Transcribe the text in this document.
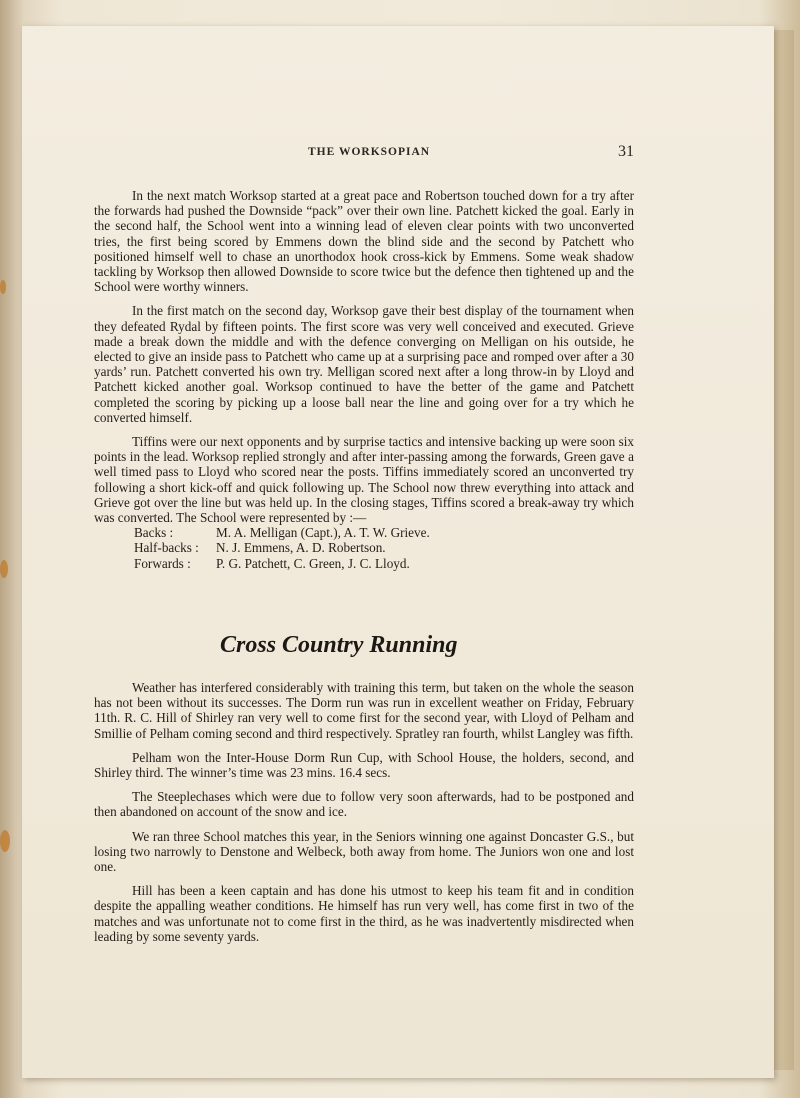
THE WORKSOPIAN	31

In the next match Worksop started at a great pace and Robertson touched down for a try after the forwards had pushed the Downside “pack” over their own line. Patchett kicked the goal. Early in the second half, the School went into a winning lead of eleven clear points with two unconverted tries, the first being scored by Emmens down the blind side and the second by Patchett who positioned himself well to chase an unorthodox hook cross-kick by Emmens. Some weak shadow tackling by Worksop then allowed Downside to score twice but the defence then tightened up and the School were worthy winners.

In the first match on the second day, Worksop gave their best display of the tournament when they defeated Rydal by fifteen points. The first score was very well conceived and executed. Grieve made a break down the middle and with the defence converging on Melligan on his outside, he elected to give an inside pass to Patchett who came up at a surprising pace and romped over after a 30 yards’ run. Patchett converted his own try. Melligan scored next after a long throw-in by Lloyd and Patchett kicked another goal. Worksop continued to have the better of the game and Patchett completed the scoring by picking up a loose ball near the line and going over for a try which he converted himself.

Tiffins were our next opponents and by surprise tactics and intensive backing up were soon six points in the lead. Worksop replied strongly and after inter-passing among the forwards, Green gave a well timed pass to Lloyd who scored near the posts. Tiffins immediately scored an unconverted try following a short kick-off and quick following up. The School now threw everything into attack and Grieve got over the line but was held up. In the closing stages, Tiffins scored a break-away try which was converted. The School were represented by :—

Backs :	M. A. Melligan (Capt.), A. T. W. Grieve.
Half-backs : N. J. Emmens, A. D. Robertson.
Forwards : P. G. Patchett, C. Green, J. C. Lloyd.
Cross Country Running

Weather has interfered considerably with training this term, but taken on the whole the season has not been without its successes. The Dorm run was run in excellent weather on Friday, February 11th. R. C. Hill of Shirley ran very well to come first for the second year, with Lloyd of Pelham and Smillie of Pelham coming second and third respectively. Spratley ran fourth, whilst Langley was fifth.

Pelham won the Inter-House Dorm Run Cup, with School House, the holders, second, and Shirley third. The winner’s time was 23 mins. 16.4 secs.

The Steeplechases which were due to follow very soon afterwards, had to be postponed and then abandoned on account of the snow and ice.

We ran three School matches this year, in the Seniors winning one against Doncaster G.S., but losing two narrowly to Denstone and Welbeck, both away from home. The Juniors won one and lost one.

Hill has been a keen captain and has done his utmost to keep his team fit and in condition despite the appalling weather conditions. He himself has run very well, has come first in two of the matches and was unfortunate not to come first in the third, as he was inadvertently misdirected when leading by some seventy yards.
